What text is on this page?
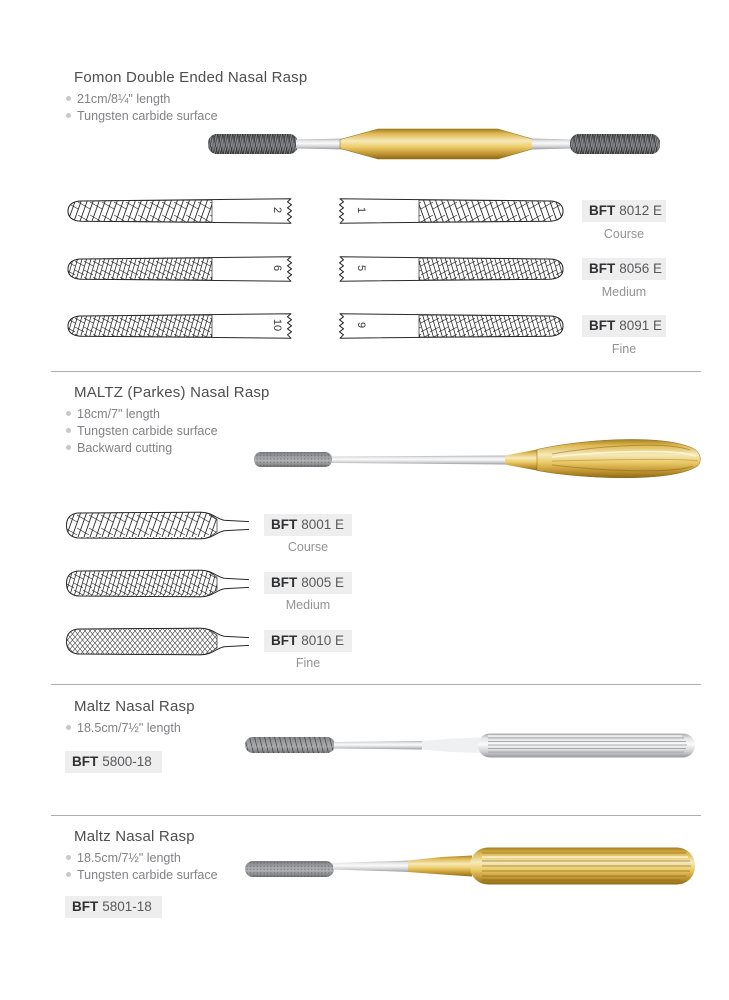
Fomon Double Ended Nasal Rasp
21cm/8¼" length
Tungsten carbide surface
2	1	BFT 8012 E
Course
6	5	BFT 8056 E
Medium
10	9	BFT 8091 E
Fine
MALTZ (Parkes) Nasal Rasp
18cm/7" length
Tungsten carbide surface
Backward cutting
BFT 8001 E
Course
BFT 8005 E
Medium
BFT 8010 E
Fine
Maltz Nasal Rasp
18.5cm/7½" length
BFT 5800-18
Maltz Nasal Rasp
18.5cm/7½" length
Tungsten carbide surface
BFT 5801-18
